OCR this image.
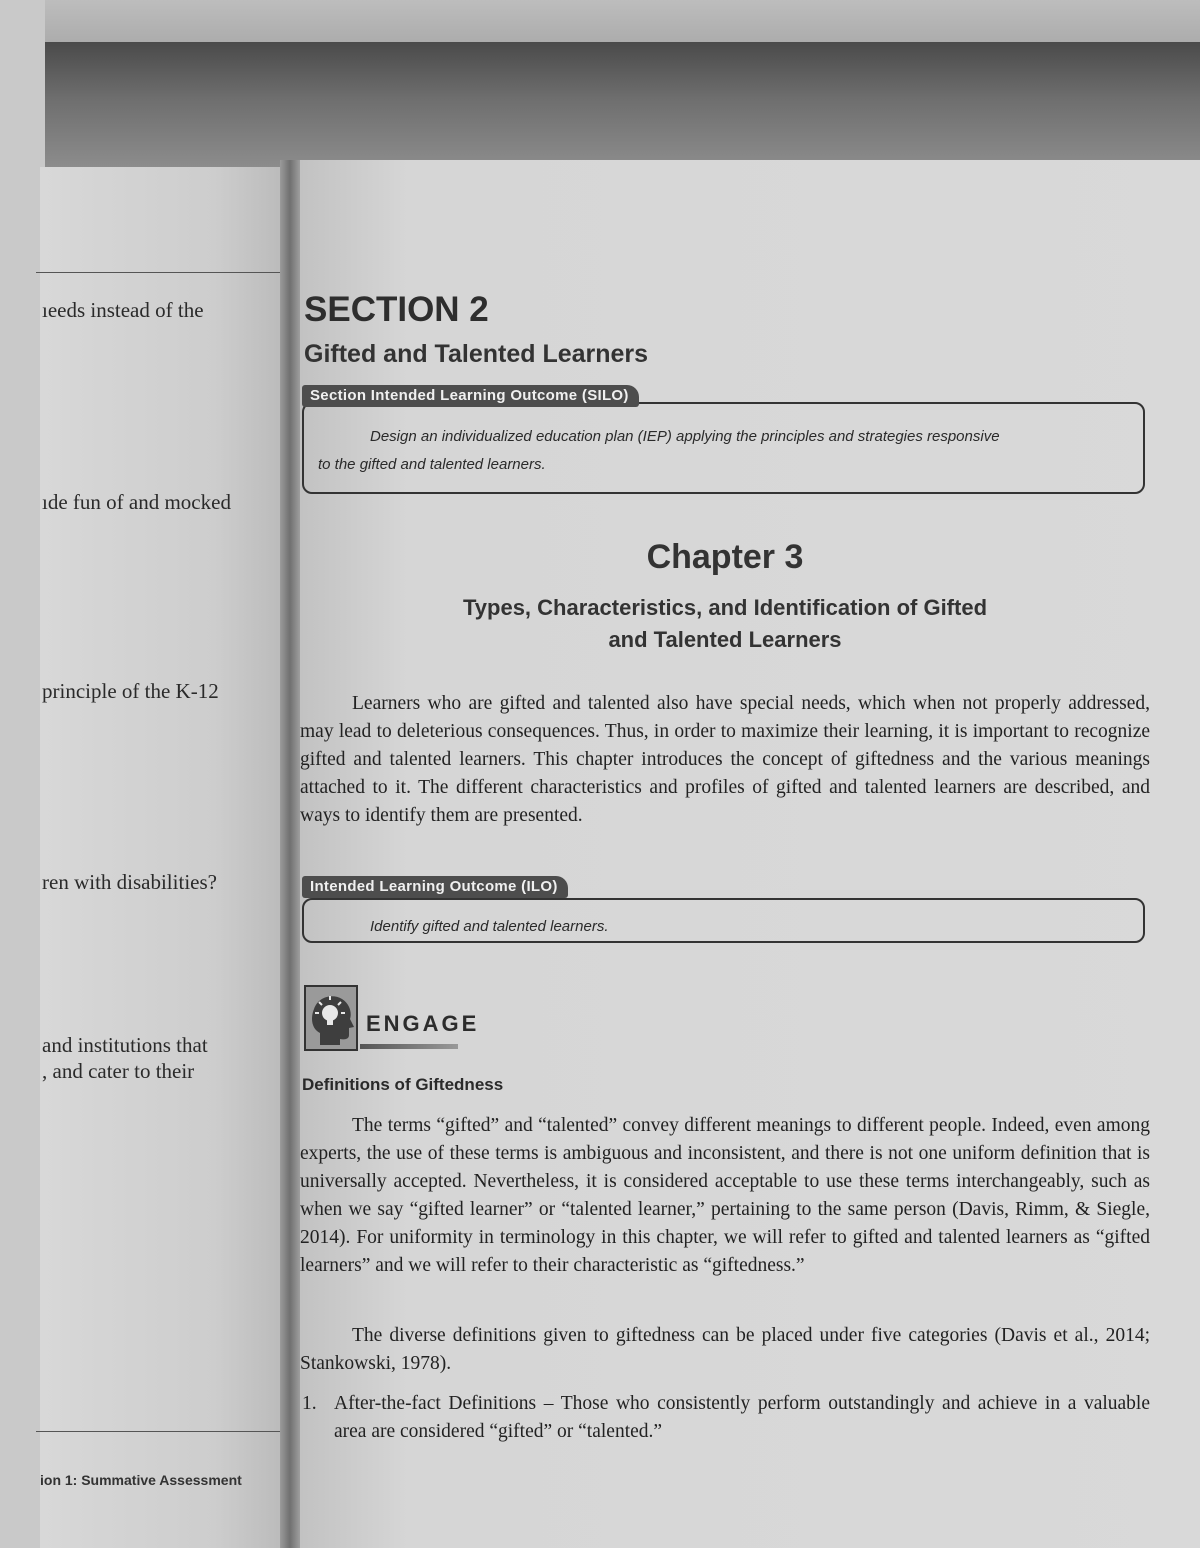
ıeeds instead of the
ıde fun of and mocked
principle of the K-12
ren with disabilities?
and institutions that
, and cater to their
ion 1: Summative Assessment
SECTION 2
Gifted and Talented Learners
Section Intended Learning Outcome (SILO)
Design an individualized education plan (IEP) applying the principles and strategies responsive
to the gifted and talented learners.
Chapter 3
Types, Characteristics, and Identification of Gifted
and Talented Learners

Learners who are gifted and talented also have special needs, which when not properly addressed, may lead to deleterious consequences. Thus, in order to maximize their learning, it is important to recognize gifted and talented learners. This chapter introduces the concept of giftedness and the various meanings attached to it. The different characteristics and profiles of gifted and talented learners are described, and ways to identify them are presented.

Intended Learning Outcome (ILO)
Identify gifted and talented learners.
ENGAGE
Definitions of Giftedness

The terms “gifted” and “talented” convey different meanings to different people. Indeed, even among experts, the use of these terms is ambiguous and inconsistent, and there is not one uniform definition that is universally accepted. Nevertheless, it is considered acceptable to use these terms interchangeably, such as when we say “gifted learner” or “talented learner,” pertaining to the same person (Davis, Rimm, & Siegle, 2014). For uniformity in terminology in this chapter, we will refer to gifted and talented learners as “gifted learners” and we will refer to their characteristic as “giftedness.”

The diverse definitions given to giftedness can be placed under five categories (Davis et al., 2014; Stankowski, 1978).

1. After-the-fact Definitions – Those who consistently perform outstandingly and achieve in a valuable area are considered “gifted” or “talented.”
